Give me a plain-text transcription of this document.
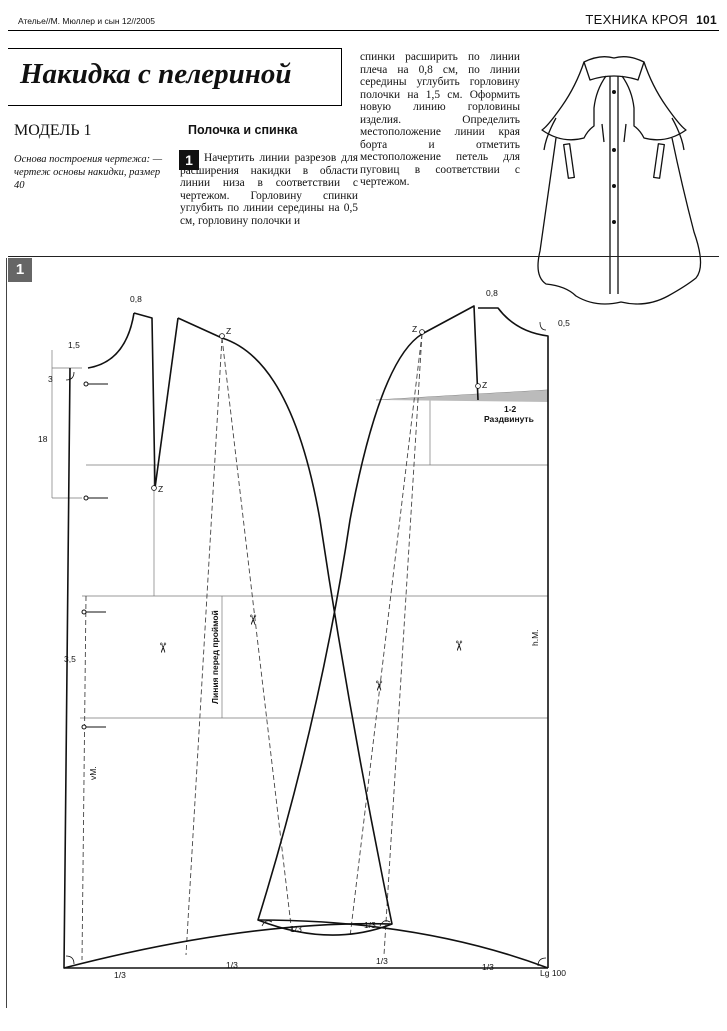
Ателье//М. Мюллер и сын 12//2005	ТЕХНИКА КРОЯ 101
Накидка с пелериной
МОДЕЛЬ 1
Основа построения чертежа: — чертеж основы накидки, размер 40
Полочка и спинка
1 Начертить линии разрезов для расширения накидки в области линии низа в соответствии с чертежом. Горловину спинки углубить по линии середины на 0,5 см, горловину полочки и
спинки расширить по линии плеча на 0,8 см, по линии середины углубить горловину полочки на 1,5 см. Оформить новую линию горловины изделия. Определить местоположение линии края борта и отметить местоположение петель для пуговиц в соответствии с чертежом.
1
✂
✂
✂
✂
0,8
0,8
0,5
1,5
3
18
3,5
Z
Z	Z
Z
1-2
Раздвинуть
Линия перед проймой
vM.
h.M.
1/3
1/3
1/3	1/3
1/3
1/3
Lg 100
